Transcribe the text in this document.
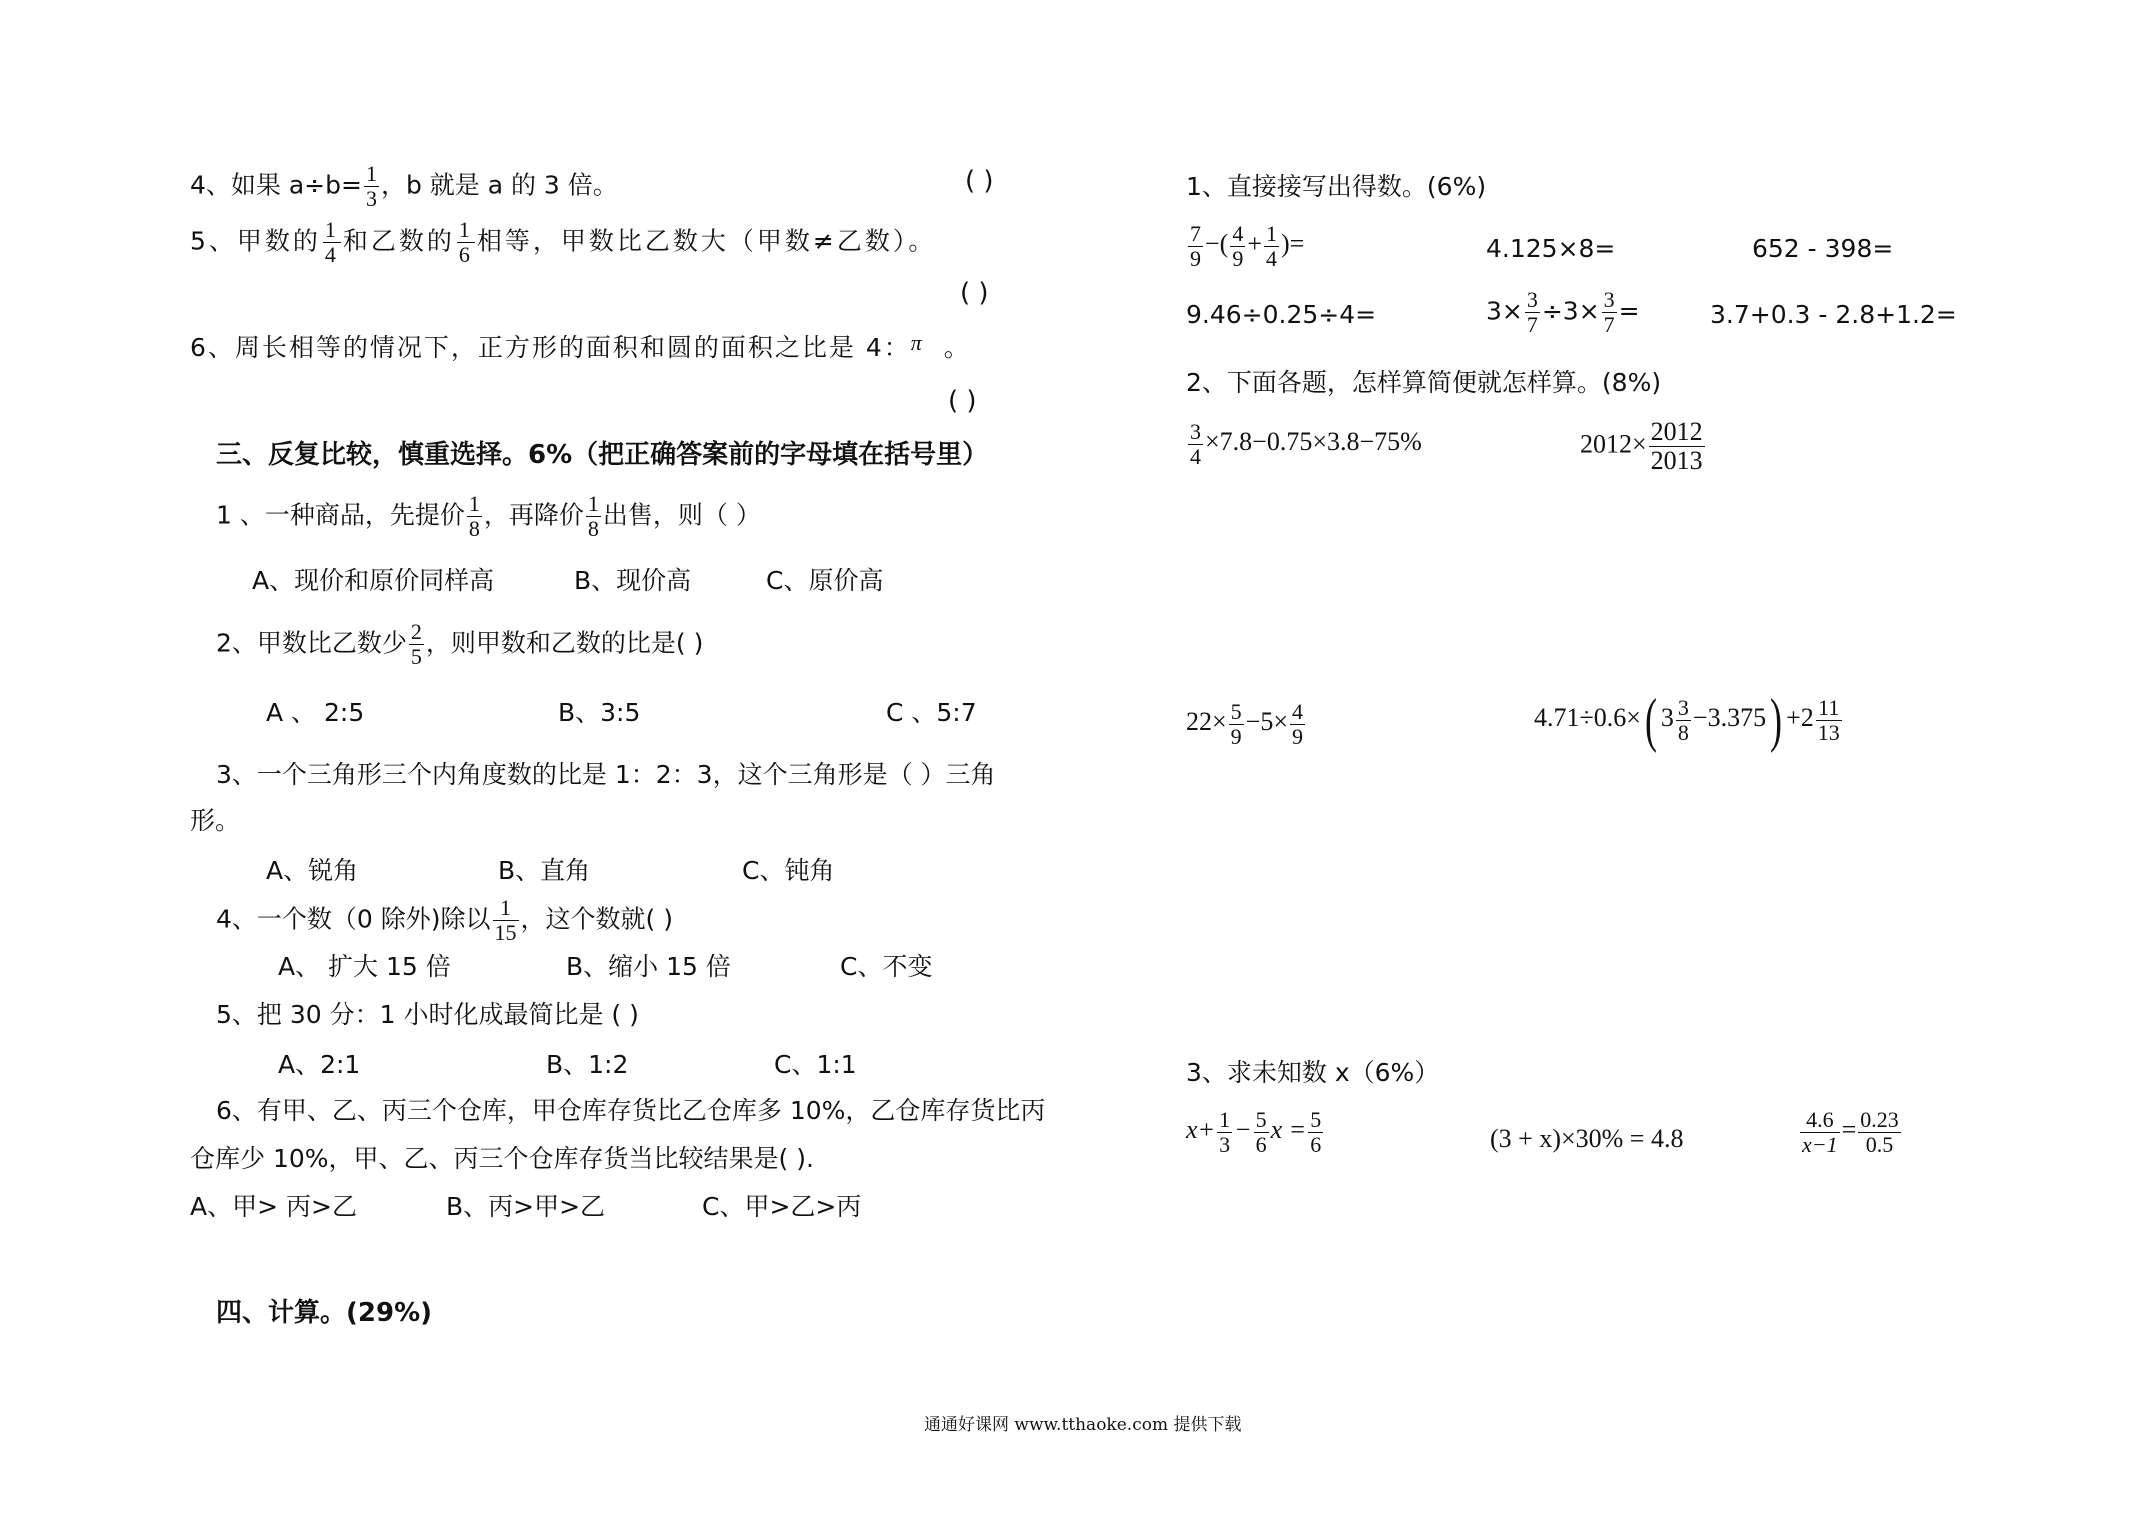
4、如果 $a\div b= \frac{1}{3}$ ，b 就是 a 的 3 倍。	( )
5、甲数的 $\frac{1}{4}$ 和乙数的 $\frac{1}{6}$ 相等，甲数比乙数大（甲数≠乙数）。
( )
6、周长相等的情况下，正方形的面积和圆的面积之比是 4：π 。
( )
三、反复比较，慎重选择。6%（把正确答案前的字母填在括号里）
1 、一种商品，先提价 $\frac{1}{8}$ ，再降价 $\frac{1}{8}$ 出售，则（ ）
A、现价和原价同样高	B、现价高	C、原价高
2、甲数比乙数少 $\frac{2}{5}$ ，则甲数和乙数的比是( )
A 、 2:5	B、3:5	C 、5:7
3、一个三角形三个内角度数的比是 1：2：3，这个三角形是（ ）三角
形。
A、锐角	B、直角	C、钝角
4、一个数（0 除外)除以 $\frac{1}{15}$ ，这个数就( )
A、 扩大 15 倍	B、缩小 15 倍	C、不变
5、把 30 分：1 小时化成最简比是 ( )
A、2:1	B、1:2	C、1:1
6、有甲、乙、丙三个仓库，甲仓库存货比乙仓库多 10%，乙仓库存货比丙
仓库少 10%，甲、乙、丙三个仓库存货当比较结果是( ).
A、甲> 丙>乙	B、丙>甲>乙	C、甲>乙>丙
四、计算。(29%)
1、直接接写出得数。(6%)
$\frac{7}{9}$ −( $\frac{4}{9} + \frac{1}{4}$ )=	4.125×8=	652 - 398=
9.46÷0.25÷4=	$3\times \frac{3}{7} \div 3\times \frac{3}{7}$ =	3.7+0.3 - 2.8+1.2=
2、下面各题，怎样算简便就怎样算。(8%)
$\frac{3}{4} \times 7.8-0.75\times 3.8-75\%$	$2012\times \frac{2012}{2013}$
$22\times \frac{5}{9} -5\times \frac{4}{9}$	4.71÷0.6×( $3 \frac{3}{8} -3.375) +2 \frac{11}{13}$
3、求未知数 x（6%）
$x+ \frac{1}{3} - \frac{5}{6}$ $x = \frac{5}{6}$	(3 + x)×30% = 4.8	$\frac{4.6}{x-1} = \frac{0.23}{0.5}$
通通好课网 www.tthaoke.com 提供下载
